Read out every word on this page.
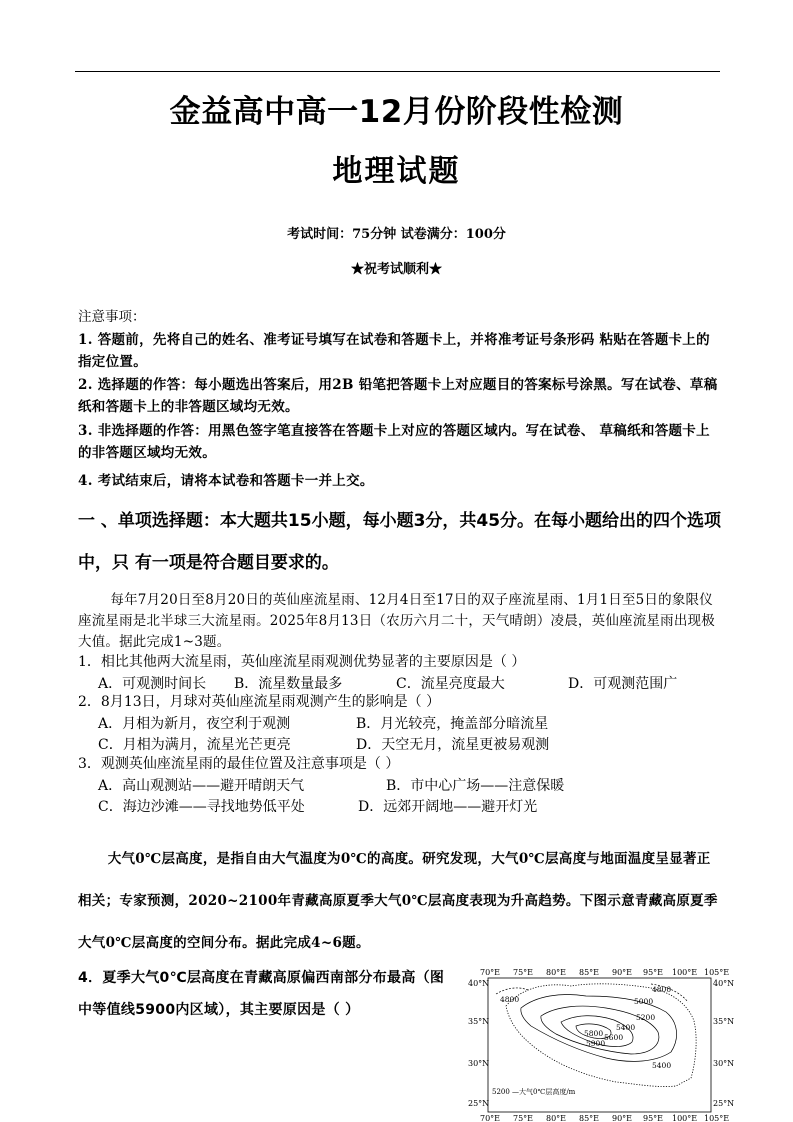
金益高中高一12月份阶段性检测
地理试题
考试时间：75分钟 试卷满分：100分
★祝考试顺利★
注意事项：
1. 答题前，先将自己的姓名、准考证号填写在试卷和答题卡上，并将准考证号条形码 粘贴在答题卡上的指定位置。
2. 选择题的作答：每小题选出答案后，用2B 铅笔把答题卡上对应题目的答案标号涂黑。写在试卷、草稿纸和答题卡上的非答题区域均无效。
3. 非选择题的作答：用黑色签字笔直接答在答题卡上对应的答题区域内。写在试卷、 草稿纸和答题卡上的非答题区域均无效。
4. 考试结束后，请将本试卷和答题卡一并上交。
一 、单项选择题：本大题共15小题，每小题3分，共45分。在每小题给出的四个选项中，只 有一项是符合题目要求的。
每年7月20日至8月20日的英仙座流星雨、12月4日至17日的双子座流星雨、1月1日至5日的象限仪座流星雨是北半球三大流星雨。2025年8月13日（农历六月二十，天气晴朗）凌晨，英仙座流星雨出现极大值。据此完成1~3题。
1．相比其他两大流星雨，英仙座流星雨观测优势显著的主要原因是（ ）
A．可观测时间长 B．流星数量最多	C．流星亮度最大	D．可观测范围广
2．8月13日，月球对英仙座流星雨观测产生的影响是（ ）
A．月相为新月，夜空利于观测	B．月光较亮，掩盖部分暗流星
C．月相为满月，流星光芒更亮	D．天空无月，流星更被易观测
3．观测英仙座流星雨的最佳位置及注意事项是（ ）
A．高山观测站——避开晴朗天气	B．市中心广场——注意保暖
C．海边沙滩——寻找地势低平处	D．远郊开阔地——避开灯光
大气0℃层高度，是指自由大气温度为0℃的高度。研究发现，大气0℃层高度与地面温度呈显著正相关；专家预测，2020~2100年青藏高原夏季大气0℃层高度表现为升高趋势。下图示意青藏高原夏季大气0℃层高度的空间分布。据此完成4~6题。
4．夏季大气0℃层高度在青藏高原偏西南部分布最高（图中等值线5900内区域），其主要原因是（ ）
70°E 75°E 80°E 85°E 90°E 95°E 100°E 105°E
40°N
35°N
30°N
25°N
40°N
35°N
30°N
25°N
4800
4800
5000
5200
5400
5600
5800
5900
5400
5200 —大气0℃层高度/m
70°E 75°E 80°E 85°E 90°E 95°E 100°E 105°E
